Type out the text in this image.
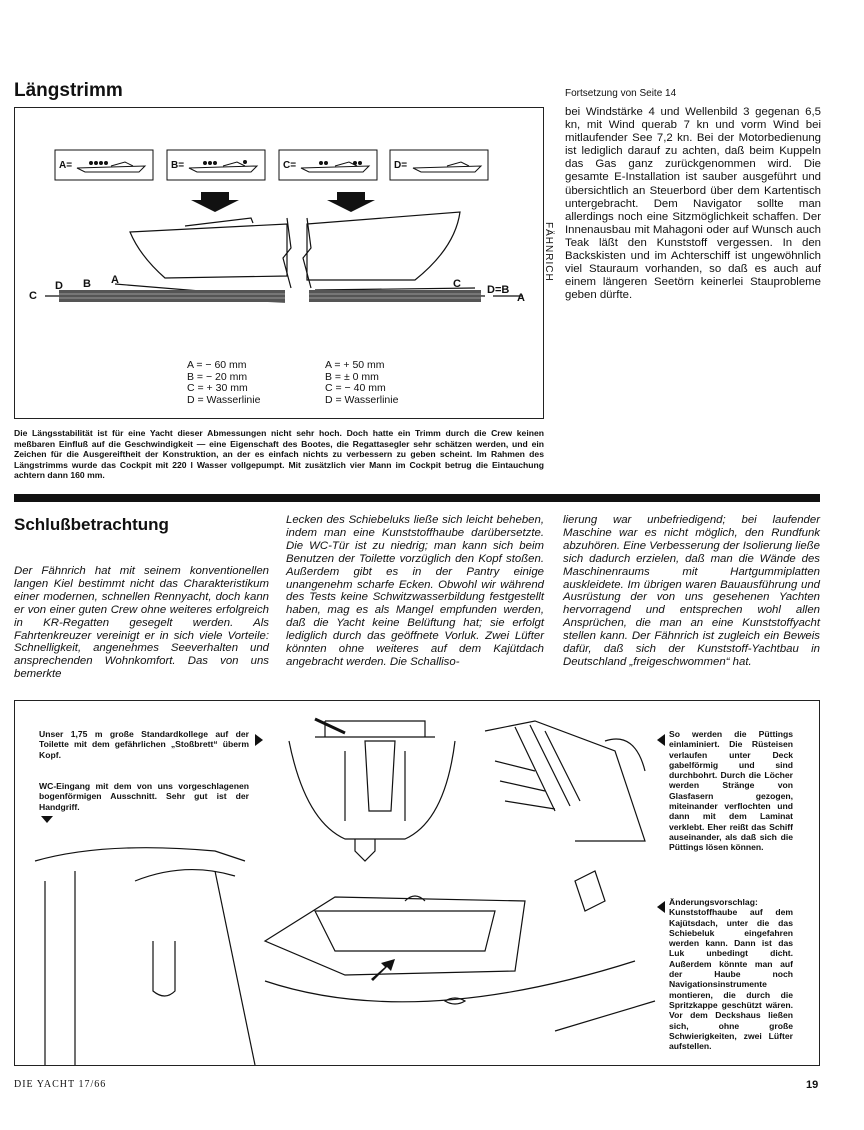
Längstrimm	Fortsetzung von Seite 14
FÄHNRICH
A=	B=	C=	D=
C
D B A	C D=B
A
A = − 60 mm
B = − 20 mm
C = + 30 mm
D = Wasserlinie
A = + 50 mm
B = ± 0 mm
C = − 40 mm
D = Wasserlinie
bei Windstärke 4 und Wellenbild 3 gegenan 6,5 kn, mit Wind querab 7 kn und vorm Wind bei mitlaufender See 7,2 kn. Bei der Motorbedienung ist lediglich darauf zu achten, daß beim Kuppeln das Gas ganz zurückgenommen wird. Die gesamte E-Installation ist sauber ausgeführt und übersichtlich an Steuerbord über dem Kartentisch untergebracht. Dem Navigator sollte man allerdings noch eine Sitzmöglichkeit schaffen. Der Innenausbau mit Mahagoni oder auf Wunsch auch Teak läßt den Kunststoff vergessen. In den Backskisten und im Achterschiff ist ungewöhnlich viel Stauraum vorhanden, so daß es auch auf einem längeren Seetörn keinerlei Stauprobleme geben dürfte.
Die Längsstabilität ist für eine Yacht dieser Abmessungen nicht sehr hoch. Doch hatte ein Trimm durch die Crew keinen meßbaren Einfluß auf die Geschwindigkeit — eine Eigenschaft des Bootes, die Regattasegler sehr schätzen werden, und ein Zeichen für die Ausgereiftheit der Konstruktion, an der es einfach nichts zu verbessern zu geben scheint. Im Rahmen des Längstrimms wurde das Cockpit mit 220 l Wasser vollgepumpt. Mit zusätzlich vier Mann im Cockpit betrug die Eintauchung achtern dann 160 mm.
Schlußbetrachtung
Der Fähnrich hat mit seinem konventionellen langen Kiel bestimmt nicht das Charakteristikum einer modernen, schnellen Rennyacht, doch kann er von einer guten Crew ohne weiteres erfolgreich in KR-Regatten gesegelt werden. Als Fahrtenkreuzer vereinigt er in sich viele Vorteile: Schnelligkeit, angenehmes Seeverhalten und ansprechenden Wohnkomfort. Das von uns bemerkte
Lecken des Schiebeluks ließe sich leicht beheben, indem man eine Kunststoffhaube darübersetzte. Die WC-Tür ist zu niedrig; man kann sich beim Benutzen der Toilette vorzüglich den Kopf stoßen. Außerdem gibt es in der Pantry einige unangenehm scharfe Ecken. Obwohl wir während des Tests keine Schwitzwasserbildung festgestellt haben, mag es als Mangel empfunden werden, daß die Yacht keine Belüftung hat; sie erfolgt lediglich durch das geöffnete Vorluk. Zwei Lüfter könnten ohne weiteres auf dem Kajütdach angebracht werden. Die Schalliso-
lierung war unbefriedigend; bei laufender Maschine war es nicht möglich, den Rundfunk abzuhören. Eine Verbesserung der Isolierung ließe sich dadurch erzielen, daß man die Wände des Maschinenraums mit Hartgummiplatten auskleidete. Im übrigen waren Bauausführung und Ausrüstung der von uns gesehenen Yachten hervorragend und entsprechen wohl allen Ansprüchen, die man an eine Kunststoffyacht stellen kann. Der Fähnrich ist zugleich ein Beweis dafür, daß sich der Kunststoff-Yachtbau in Deutschland „freigeschwommen“ hat.
Unser 1,75 m große Standardkollege auf der Toilette mit dem gefährlichen „Stoßbrett“ überm Kopf.
WC-Eingang mit dem von uns vorgeschlagenen bogenförmigen Ausschnitt. Sehr gut ist der Handgriff.
So werden die Püttings einlaminiert. Die Rüsteisen verlaufen unter Deck gabelförmig und sind durchbohrt. Durch die Löcher werden Stränge von Glasfasern gezogen, miteinander verflochten und dann mit dem Laminat verklebt. Eher reißt das Schiff auseinander, als daß sich die Püttings lösen können.
Änderungsvorschlag: Kunststoffhaube auf dem Kajütsdach, unter die das Schiebeluk eingefahren werden kann. Dann ist das Luk unbedingt dicht. Außerdem könnte man auf der Haube noch Navigationsinstrumente montieren, die durch die Spritzkappe geschützt wären. Vor dem Deckshaus ließen sich, ohne große Schwierigkeiten, zwei Lüfter aufstellen.
DIE YACHT 17/66	19
